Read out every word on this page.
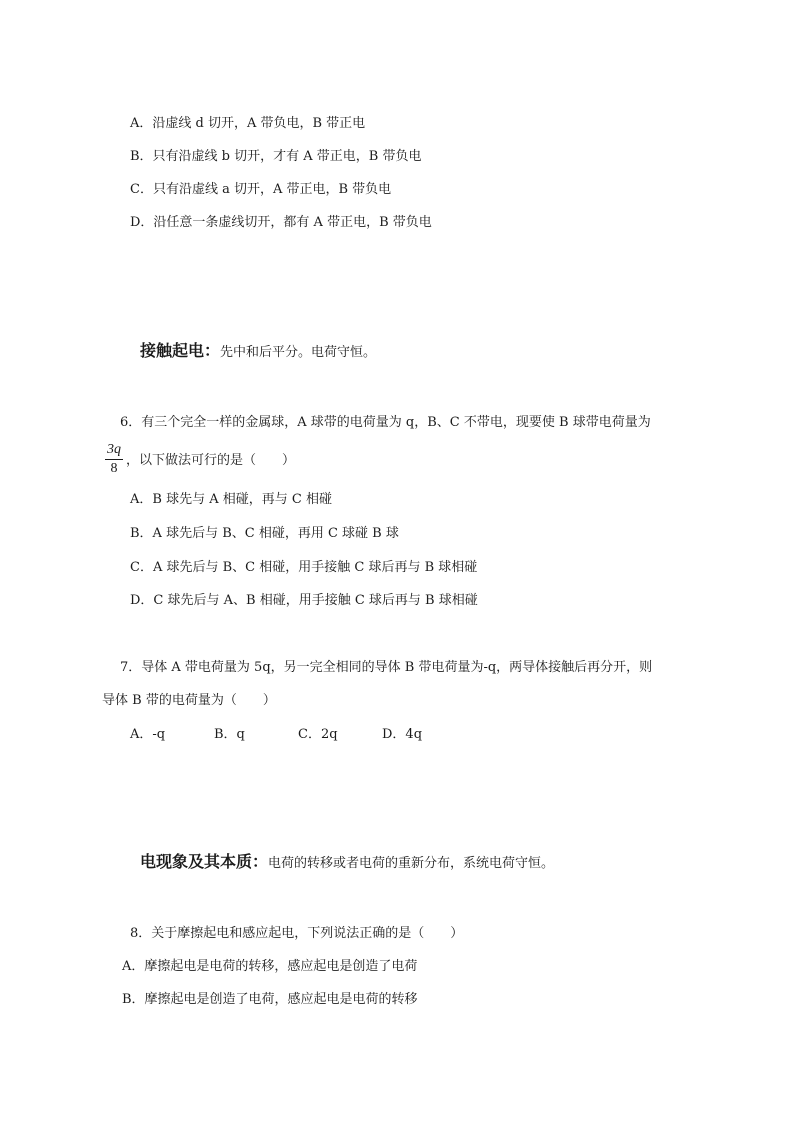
A．沿虚线 d 切开，A 带负电，B 带正电
B．只有沿虚线 b 切开，才有 A 带正电，B 带负电
C．只有沿虚线 a 切开，A 带正电，B 带负电
D．沿任意一条虚线切开，都有 A 带正电，B 带负电
接触起电：先中和后平分。电荷守恒。
6．有三个完全一样的金属球，A 球带的电荷量为 q，B、C 不带电，现要使 B 球带电荷量为
3q
8
，以下做法可行的是（　　）
A．B 球先与 A 相碰，再与 C 相碰
B．A 球先后与 B、C 相碰，再用 C 球碰 B 球
C．A 球先后与 B、C 相碰，用手接触 C 球后再与 B 球相碰
D．C 球先后与 A、B 相碰，用手接触 C 球后再与 B 球相碰
7．导体 A 带电荷量为 5q，另一完全相同的导体 B 带电荷量为-q，两导体接触后再分开，则
导体 B 带的电荷量为（　　）
A．-q	B．q	C．2q	D．4q
电现象及其本质：电荷的转移或者电荷的重新分布，系统电荷守恒。
8．关于摩擦起电和感应起电，下列说法正确的是（　　）
A．摩擦起电是电荷的转移，感应起电是创造了电荷
B．摩擦起电是创造了电荷，感应起电是电荷的转移
